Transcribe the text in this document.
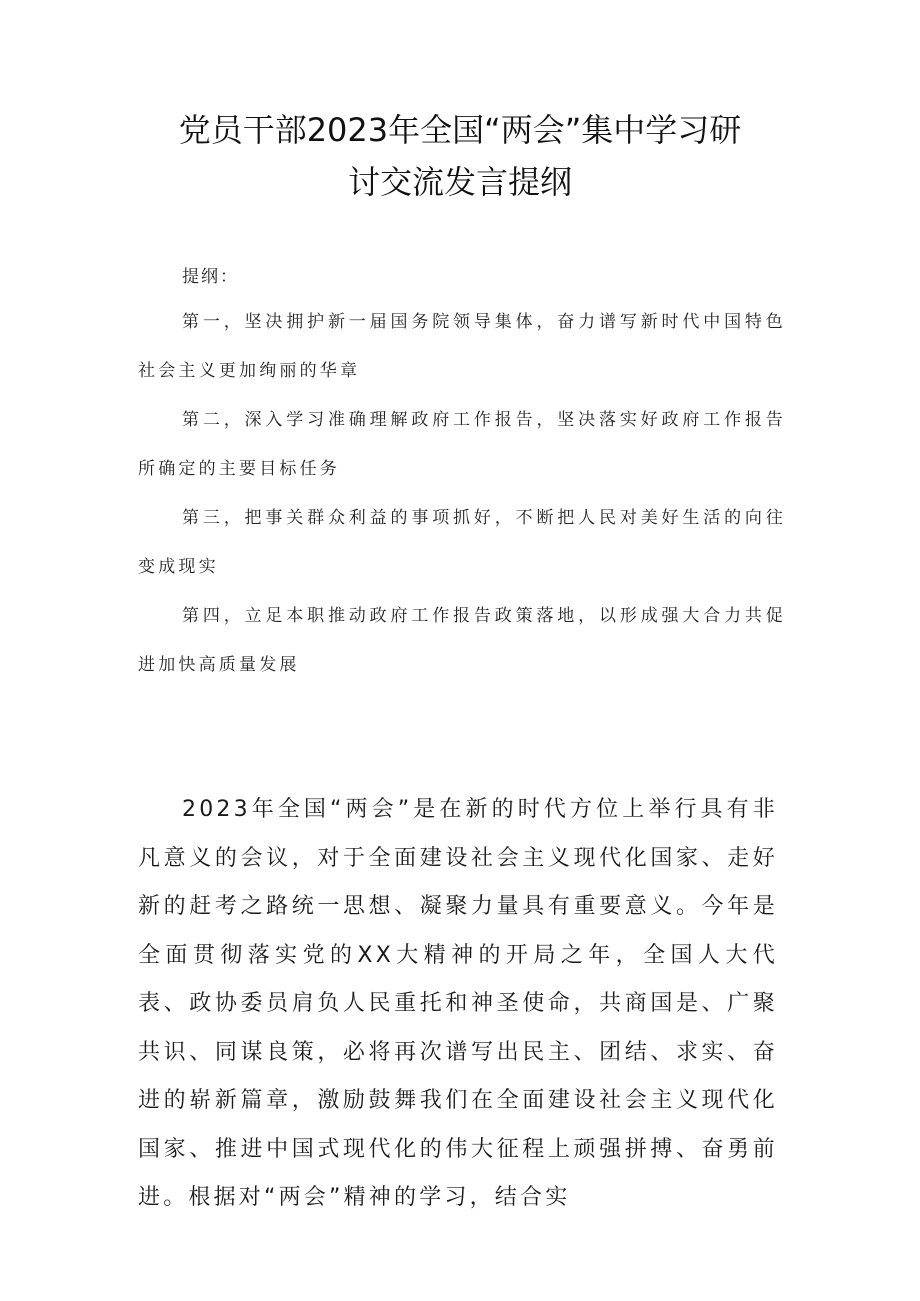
党员干部2023年全国“两会”集中学习研
讨交流发言提纲
提纲：

第一，坚决拥护新一届国务院领导集体，奋力谱写新时代中国特色社会主义更加绚丽的华章

第二，深入学习准确理解政府工作报告，坚决落实好政府工作报告所确定的主要目标任务

第三，把事关群众利益的事项抓好，不断把人民对美好生活的向往变成现实

第四，立足本职推动政府工作报告政策落地，以形成强大合力共促进加快高质量发展

2023年全国“两会”是在新的时代方位上举行具有非凡意义的会议，对于全面建设社会主义现代化国家、走好新的赶考之路统一思想、凝聚力量具有重要意义。今年是全面贯彻落实党的XX大精神的开局之年，全国人大代表、政协委员肩负人民重托和神圣使命，共商国是、广聚共识、同谋良策，必将再次谱写出民主、团结、求实、奋进的崭新篇章，激励鼓舞我们在全面建设社会主义现代化国家、推进中国式现代化的伟大征程上顽强拼搏、奋勇前进。根据对“两会”精神的学习，结合实
